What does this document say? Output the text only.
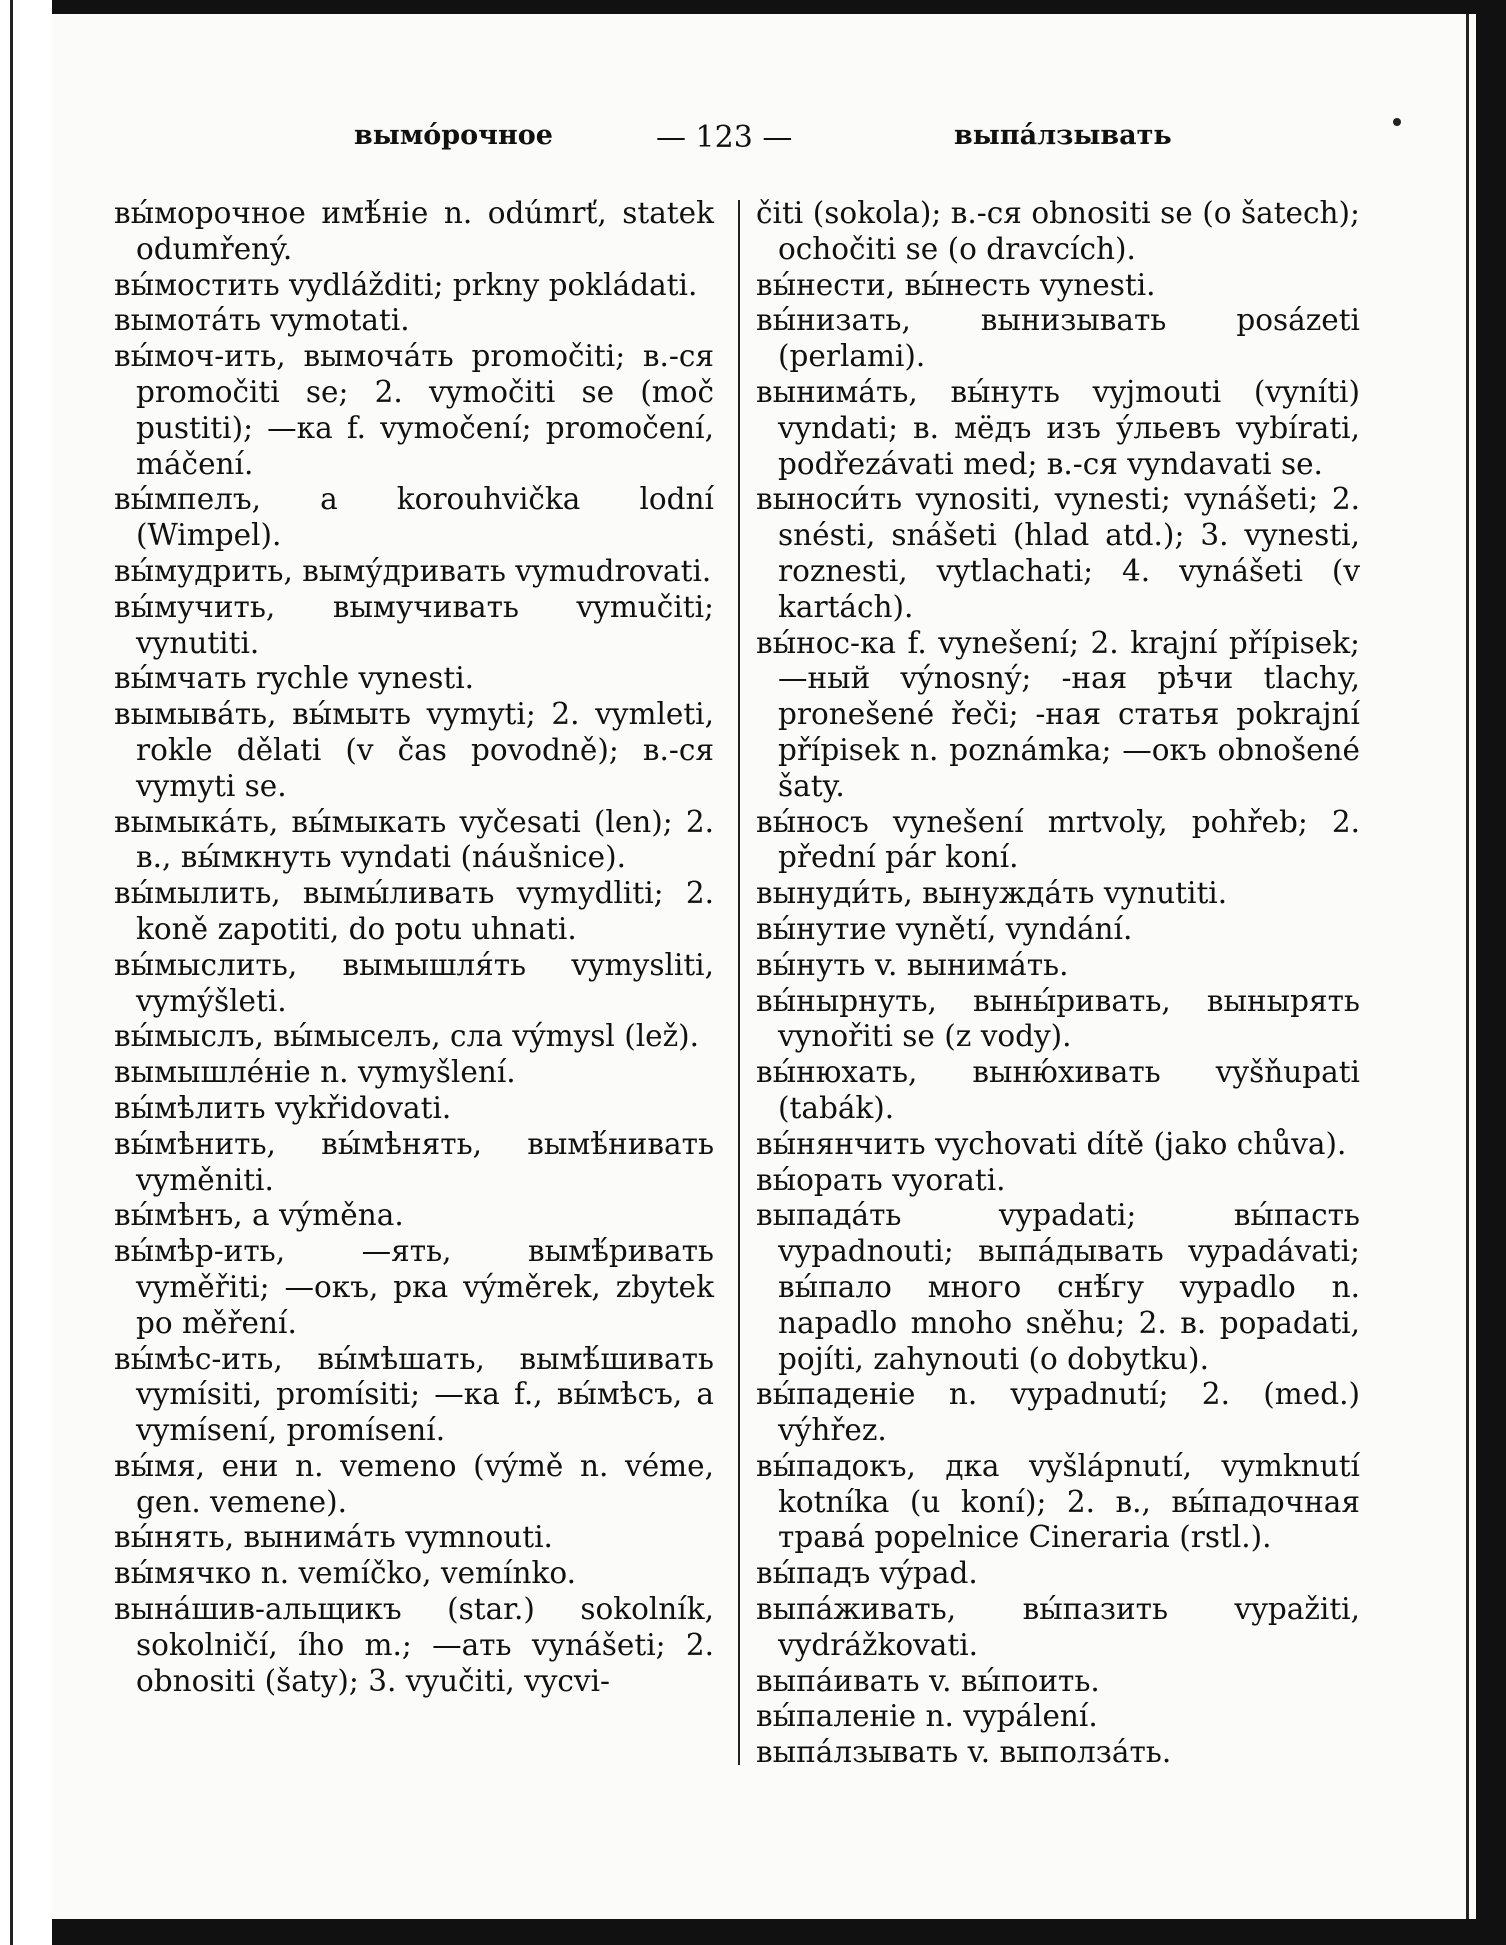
вымо́рочное	— 123 —	выпа́лзывать

вы́морочное имѣ́ніе n. odúmrť, statek odumřený.

вы́мостить vydlážditi; prkny pokládati.

вымота́ть vymotati.

вы́моч-ить, вымоча́ть promočiti; в.-ся promočiti se; 2. vymočiti se (moč pustiti); —ка f. vymočení; promočení, máčení.

вы́мпелъ, a korouhvička lodní (Wimpel).

вы́мудрить, выму́дривать vymudrovati.

вы́мучить, вымучивать vymučiti; vynutiti.

вы́мчать rychle vynesti.

вымыва́ть, вы́мыть vymyti; 2. vymleti, rokle dělati (v čas povodně); в.-ся vymyti se.

вымыка́ть, вы́мыкать vyčesati (len); 2. в., вы́мкнуть vyndati (náušnice).

вы́мылить, вымы́ливать vymydliti; 2. koně zapotiti, do potu uhnati.

вы́мыслить, вымышля́ть vymysliti, vymýšleti.

вы́мыслъ, вы́мыселъ, сла výmysl (lež).

вымышле́ніе n. vymyšlení.

вы́мѣлить vykřidovati.

вы́мѣнить, вы́мѣнять, вымѣ́нивать vyměniti.

вы́мѣнъ, а výměna.

вы́мѣр-ить, —ять, вымѣ́ривать vyměřiti; —окъ, рка výměrek, zbytek po měření.

вы́мѣс-ить, вы́мѣшать, вымѣ́шивать vymísiti, promísiti; —ка f., вы́мѣсъ, а vymísení, promísení.

вы́мя, ени n. vemeno (výmě n. véme, gen. vemene).

вы́нять, вынима́ть vymnouti.

вы́мячко n. vemíčko, vemínko.

вына́шив-альщикъ (star.) sokolník, sokolničí, ího m.; —ать vynášeti; 2. obnositi (šaty); 3. vyučiti, vycvi-

čiti (sokola); в.-ся obnositi se (o šatech); ochočiti se (o dravcích).

вы́нести, вы́несть vynesti.

вы́низать, вынизывать posázeti (perlami).

вынима́ть, вы́нуть vyjmouti (vyníti) vyndati; в. мёдъ изъ у́льевъ vybírati, podřezávati med; в.-ся vyndavati se.

выноси́ть vynositi, vynesti; vynášeti; 2. snésti, snášeti (hlad atd.); 3. vynesti, roznesti, vytlachati; 4. vynášeti (v kartách).

вы́нос-ка f. vynešení; 2. krajní přípisek; —ный výnosný; -ная рѣчи tlachy, pronešené řeči; -ная статья pokrajní přípisek n. poznámka; —окъ obnošené šaty.

вы́носъ vynešení mrtvoly, pohřeb; 2. přední pár koní.

вынуди́ть, вынужда́ть vynutiti.

вы́нутие vynětí, vyndání.

вы́нуть v. вынима́ть.

вы́нырнуть, выны́ривать, вынырять vynořiti se (z vody).

вы́нюхать, выню́хивать vyšňupati (tabák).

вы́нянчить vychovati dítě (jako chůva).

вы́орать vyorati.

выпада́ть vypadati; вы́пасть vypadnouti; выпа́дывать vypadávati; вы́пало много снѣ́гу vypadlo n. napadlo mnoho sněhu; 2. в. popadati, pojíti, zahynouti (o dobytku).

вы́паденіе n. vypadnutí; 2. (med.) výhřez.

вы́падокъ, дка vyšlápnutí, vymknutí kotníka (u koní); 2. в., вы́падочная трава́ popelnice Cineraria (rstl.).

вы́падъ výpad.

выпа́живать, вы́пазить vypažiti, vydrážkovati.

выпа́ивать v. вы́поить.

вы́паленіе n. vypálení.

выпа́лзывать v. выполза́ть.
